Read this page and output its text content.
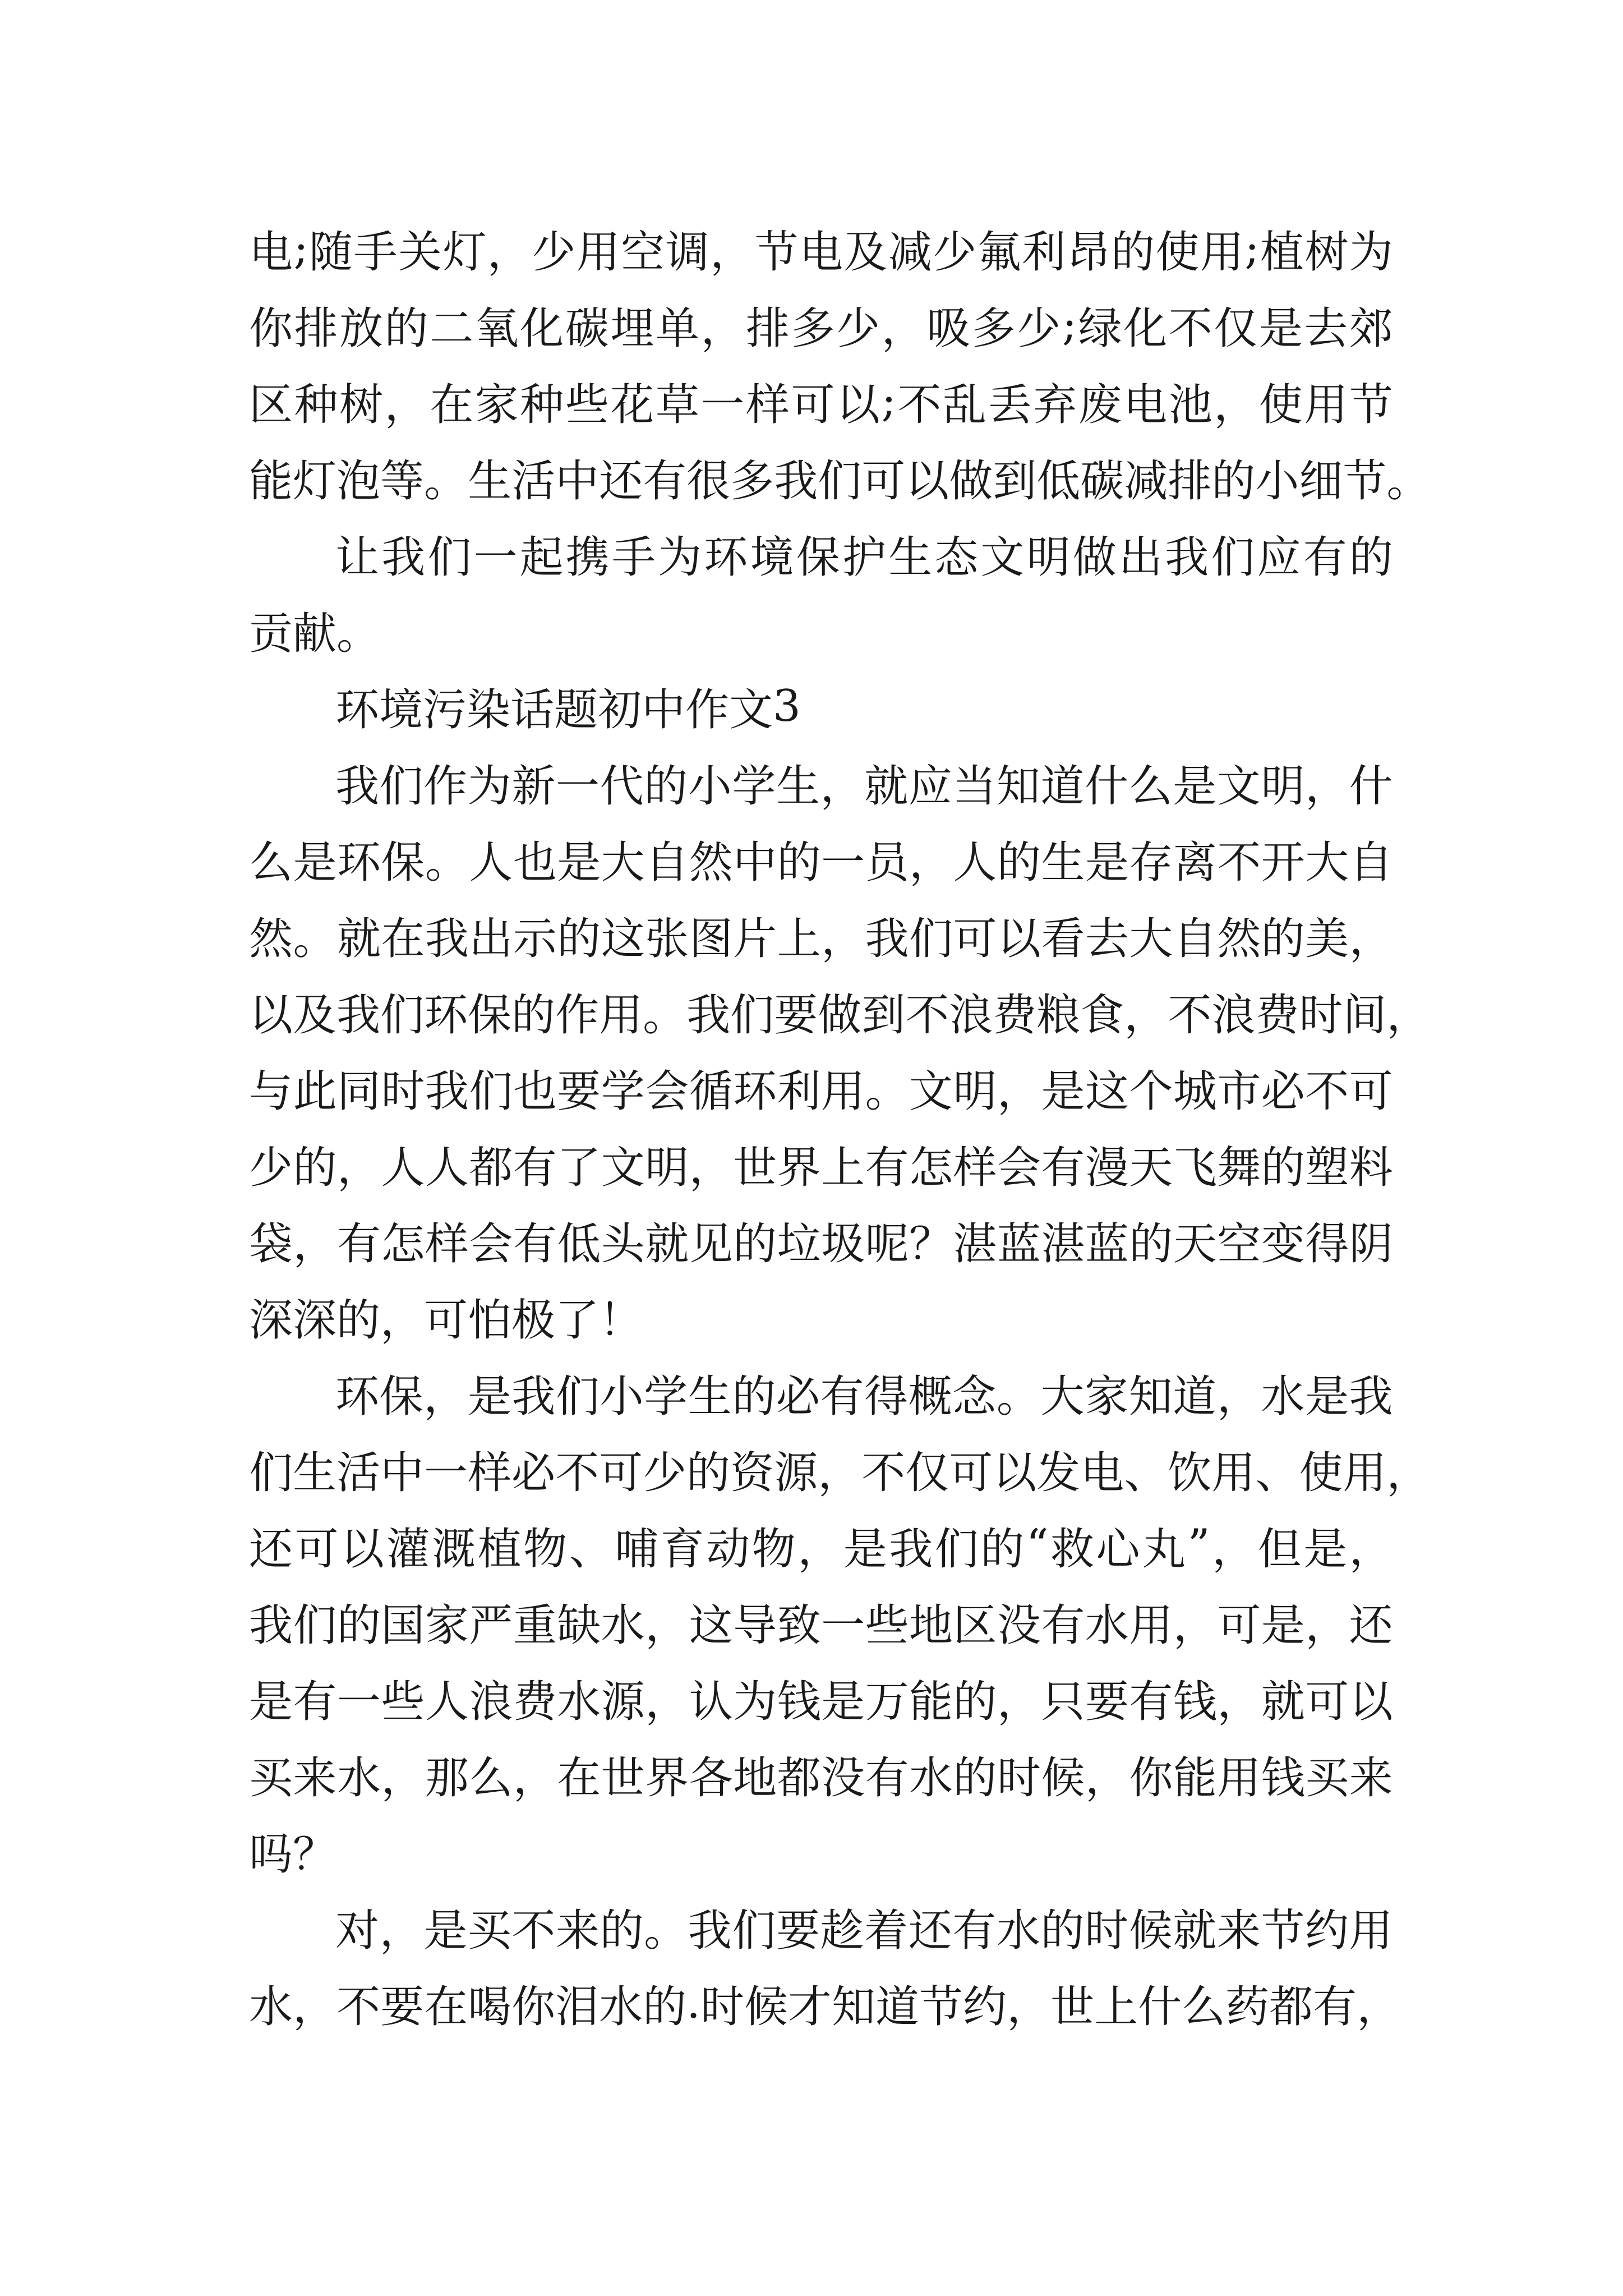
电 ; 随 手 关 灯 ， 少 用 空 调 ， 节 电 及 减 少 氟 利 昂 的 使 用 ; 植 树 为
你 排 放 的 二 氧 化 碳 埋 单 ， 排 多 少 ， 吸 多 少 ; 绿 化 不 仅 是 去 郊
区 种 树 ， 在 家 种 些 花 草 一 样 可 以 ; 不 乱 丢 弃 废 电 池 ， 使 用 节
能 灯 泡 等 。 生 活 中 还 有 很 多 我 们 可 以 做 到 低 碳 减 排 的 小 细 节 。
让 我 们 一 起 携 手 为 环 境 保 护 生 态 文 明 做 出 我 们 应 有 的
贡 献 。
环 境 污 染 话 题 初 中 作 文 3
我 们 作 为 新 一 代 的 小 学 生 ， 就 应 当 知 道 什 么 是 文 明 ， 什
么 是 环 保 。 人 也 是 大 自 然 中 的 一 员 ， 人 的 生 是 存 离 不 开 大 自
然 。 就 在 我 出 示 的 这 张 图 片 上 ， 我 们 可 以 看 去 大 自 然 的 美 ，
以 及 我 们 环 保 的 作 用 。 我 们 要 做 到 不 浪 费 粮 食 ， 不 浪 费 时 间 ，
与 此 同 时 我 们 也 要 学 会 循 环 利 用 。 文 明 ， 是 这 个 城 市 必 不 可
少 的 ， 人 人 都 有 了 文 明 ， 世 界 上 有 怎 样 会 有 漫 天 飞 舞 的 塑 料
袋 ， 有 怎 样 会 有 低 头 就 见 的 垃 圾 呢 ？ 湛 蓝 湛 蓝 的 天 空 变 得 阴
深 深 的 ， 可 怕 极 了 ！
环 保 ， 是 我 们 小 学 生 的 必 有 得 概 念 。 大 家 知 道 ， 水 是 我
们 生 活 中 一 样 必 不 可 少 的 资 源 ， 不 仅 可 以 发 电 、 饮 用 、 使 用 ，
还 可 以 灌 溉 植 物 、 哺 育 动 物 ， 是 我 们 的 “ 救 心 丸 ” ， 但 是 ，
我 们 的 国 家 严 重 缺 水 ， 这 导 致 一 些 地 区 没 有 水 用 ， 可 是 ， 还
是 有 一 些 人 浪 费 水 源 ， 认 为 钱 是 万 能 的 ， 只 要 有 钱 ， 就 可 以
买 来 水 ， 那 么 ， 在 世 界 各 地 都 没 有 水 的 时 候 ， 你 能 用 钱 买 来
吗 ？
对 ， 是 买 不 来 的 。 我 们 要 趁 着 还 有 水 的 时 候 就 来 节 约 用
水 ， 不 要 在 喝 你 泪 水 的 . 时 候 才 知 道 节 约 ， 世 上 什 么 药 都 有 ，
